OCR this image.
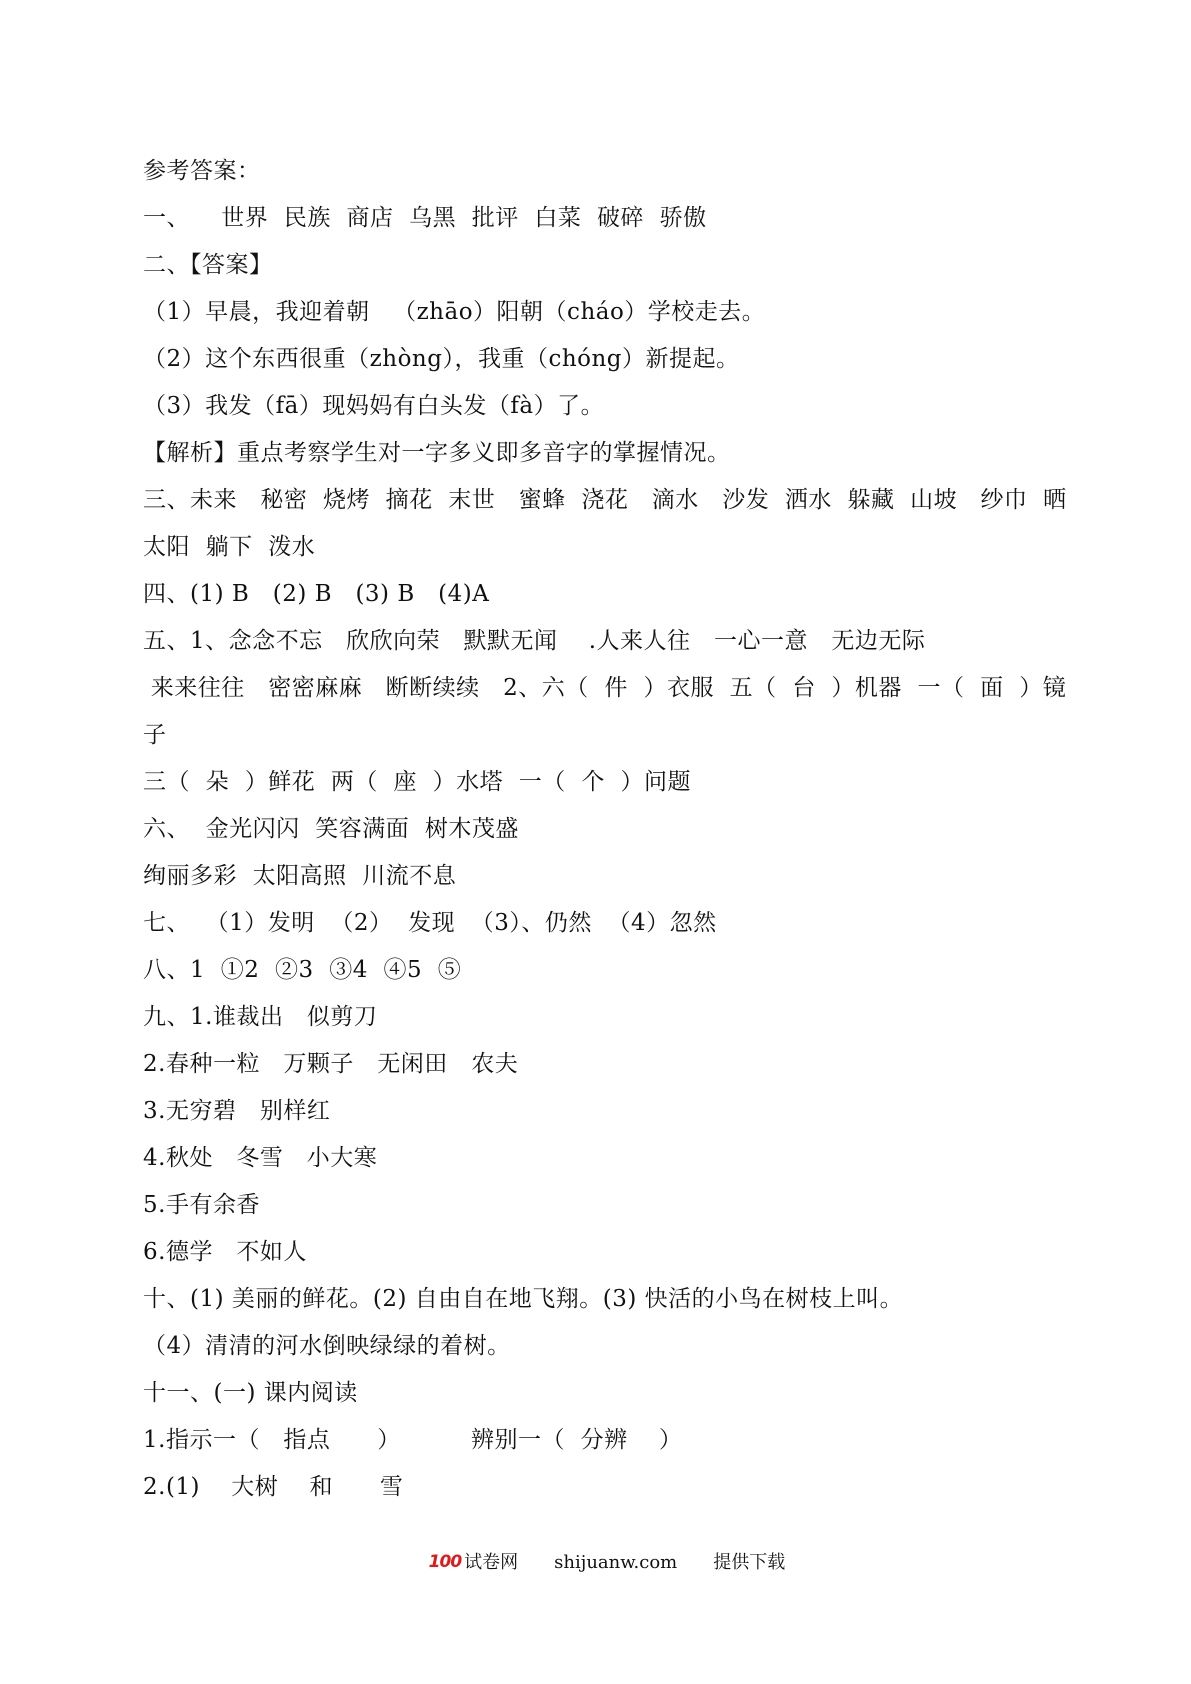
参考答案：
一、    世界  民族  商店  乌黑  批评  白菜  破碎  骄傲
二、【答案】
（1）早晨，我迎着朝   （zhāo）阳朝（cháo）学校走去。
（2）这个东西很重（zhòng），我重（chóng）新提起。
（3）我发（fā）现妈妈有白头发（fà）了。
【解析】重点考察学生对一字多义即多音字的掌握情况。
三、未来   秘密  烧烤  摘花  末世   蜜蜂  浇花   滴水   沙发  洒水  躲藏  山坡   纱巾  晒
太阳  躺下  泼水
四、(1) B   (2) B   (3) B   (4)A
五、1、念念不忘   欣欣向荣   默默无闻    .人来人往   一心一意   无边无际
来来往往   密密麻麻   断断续续   2、六（  件  ）衣服  五（  台  ）机器  一（  面  ）镜
子
三（  朵  ）鲜花  两（  座  ）水塔  一（  个  ）问题
六、  金光闪闪  笑容满面  树木茂盛
绚丽多彩  太阳高照  川流不息
七、  （1）发明  （2）  发现  （3）、仍然  （4）忽然
八、1  ①2  ②3  ③4  ④5  ⑤
九、1.谁裁出   似剪刀
2.春种一粒   万颗子   无闲田   农夫
3.无穷碧   别样红
4.秋处   冬雪   小大寒
5.手有余香
6.德学   不如人
十、(1) 美丽的鲜花。(2) 自由自在地飞翔。(3) 快活的小鸟在树枝上叫。
（4）清清的河水倒映绿绿的着树。
十一、(一) 课内阅读
1.指示一（   指点      ）         辨别一（  分辨    ）
2.(1)    大树    和      雪

100 试卷网 shijuanw.com 提供下载
